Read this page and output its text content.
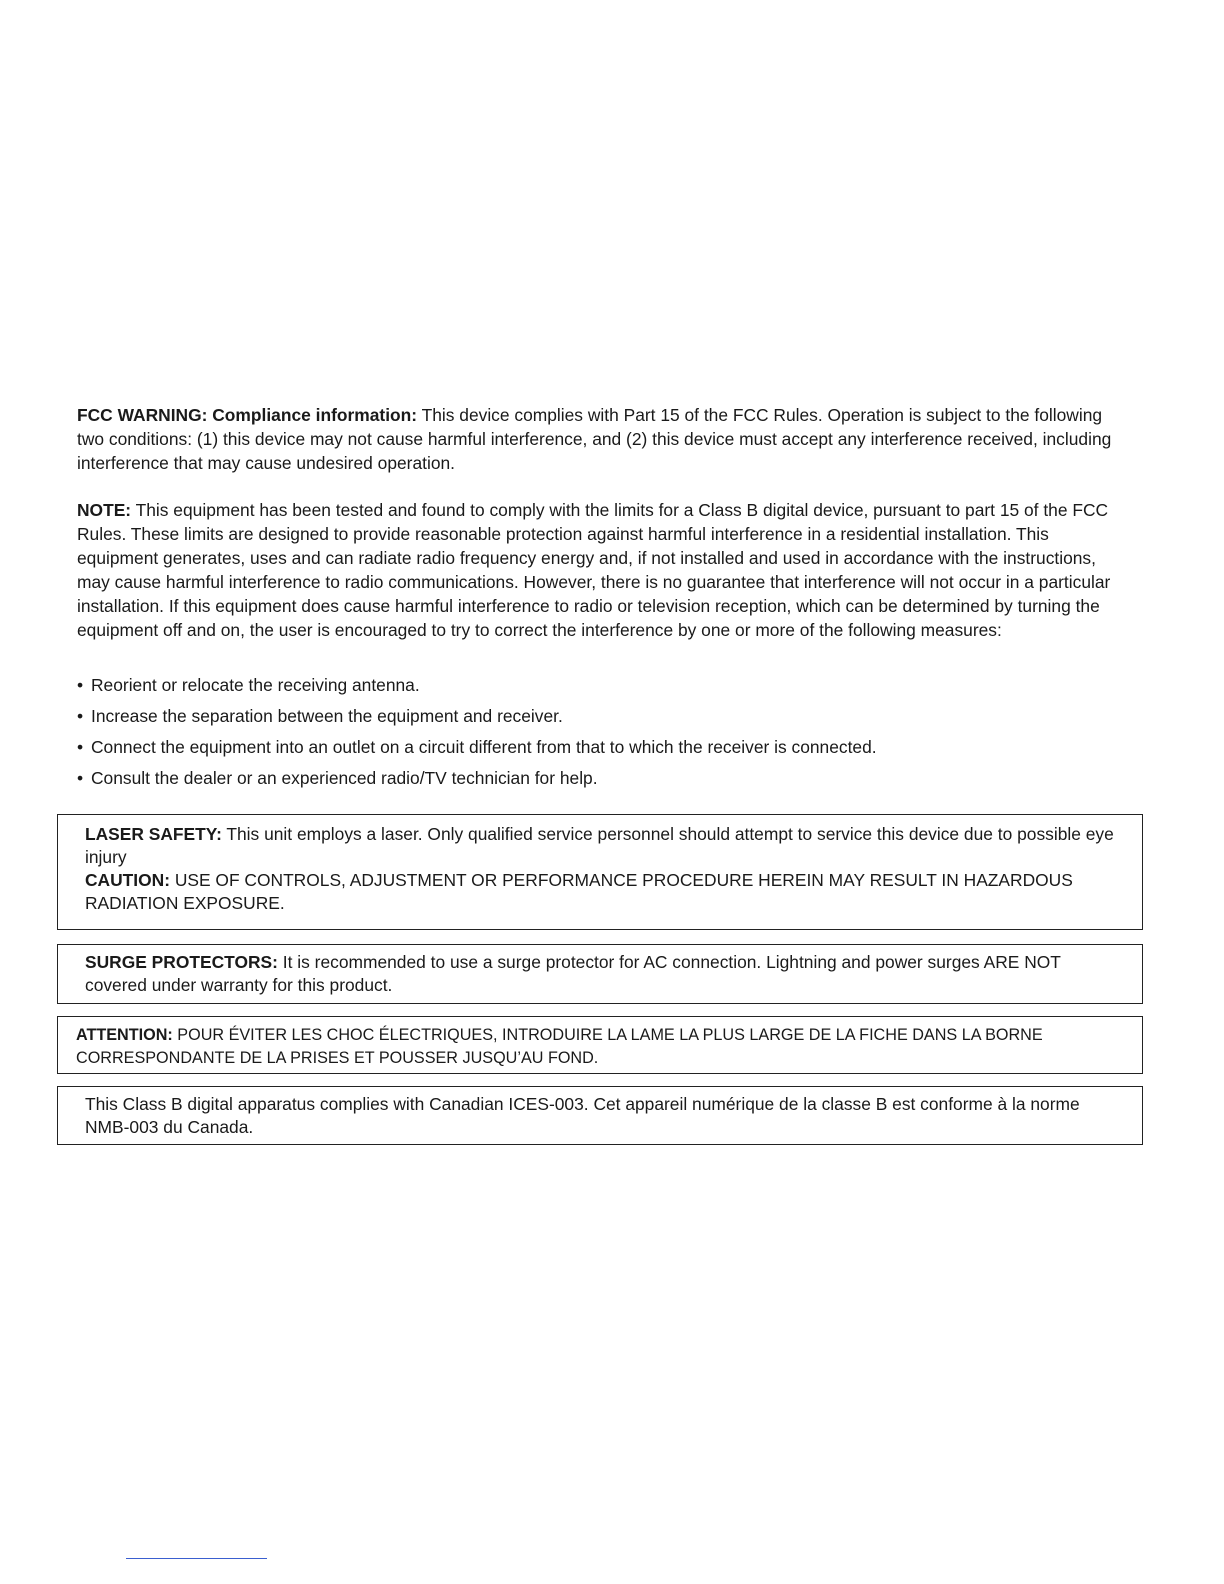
FCC WARNING: Compliance information: This device complies with Part 15 of the FCC Rules. Operation is subject to the following two conditions: (1) this device may not cause harmful interference, and (2) this device must accept any interference received, including interference that may cause undesired operation.

NOTE: This equipment has been tested and found to comply with the limits for a Class B digital device, pursuant to part 15 of the FCC Rules. These limits are designed to provide reasonable protection against harmful interference in a residential installation. This equipment generates, uses and can radiate radio frequency energy and, if not installed and used in accordance with the instructions, may cause harmful interference to radio communications. However, there is no guarantee that interference will not occur in a particular installation. If this equipment does cause harmful interference to radio or television reception, which can be determined by turning the equipment off and on, the user is encouraged to try to correct the interference by one or more of the following measures:

• Reorient or relocate the receiving antenna.

• Increase the separation between the equipment and receiver.

• Connect the equipment into an outlet on a circuit different from that to which the receiver is connected.

• Consult the dealer or an experienced radio/TV technician for help.

LASER SAFETY: This unit employs a laser. Only qualified service personnel should attempt to service this device due to possible eye injury
CAUTION: USE OF CONTROLS, ADJUSTMENT OR PERFORMANCE PROCEDURE HEREIN MAY RESULT IN HAZARDOUS RADIATION EXPOSURE.
SURGE PROTECTORS: It is recommended to use a surge protector for AC connection. Lightning and power surges ARE NOT covered under warranty for this product.
ATTENTION: POUR ÉVITER LES CHOC ÉLECTRIQUES, INTRODUIRE LA LAME LA PLUS LARGE DE LA FICHE DANS LA BORNE CORRESPONDANTE DE LA PRISES ET POUSSER JUSQU’AU FOND.
This Class B digital apparatus complies with Canadian ICES-003. Cet appareil numérique de la classe B est conforme à la norme NMB-003 du Canada.
